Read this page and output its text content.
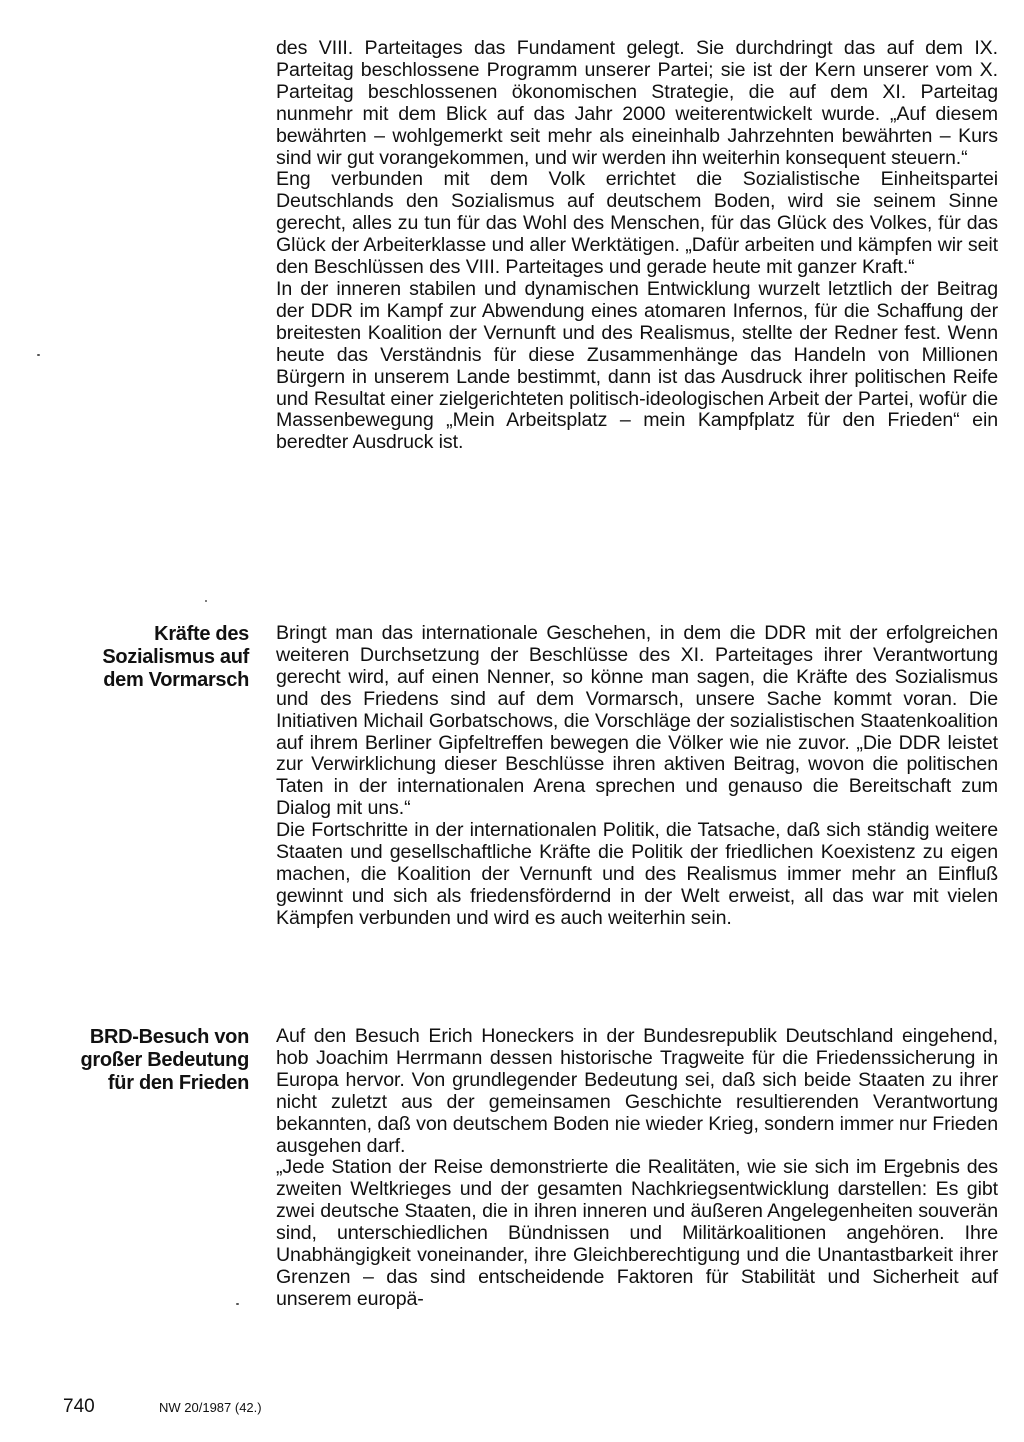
des VIII. Parteitages das Fundament gelegt. Sie durchdringt das auf dem IX. Parteitag beschlossene Programm unserer Partei; sie ist der Kern unserer vom X. Parteitag beschlossenen ökonomischen Strategie, die auf dem XI. Parteitag nunmehr mit dem Blick auf das Jahr 2000 weiterentwickelt wurde. „Auf diesem bewährten – wohlgemerkt seit mehr als eineinhalb Jahrzehnten bewährten – Kurs sind wir gut vorangekommen, und wir werden ihn weiterhin konsequent steuern.“

Eng verbunden mit dem Volk errichtet die Sozialistische Einheitspartei Deutschlands den Sozialismus auf deutschem Boden, wird sie seinem Sinne gerecht, alles zu tun für das Wohl des Menschen, für das Glück des Volkes, für das Glück der Arbeiterklasse und aller Werktätigen. „Dafür arbeiten und kämpfen wir seit den Beschlüssen des VIII. Parteitages und gerade heute mit ganzer Kraft.“

In der inneren stabilen und dynamischen Entwicklung wurzelt letztlich der Beitrag der DDR im Kampf zur Abwendung eines atomaren Infernos, für die Schaffung der breitesten Koalition der Vernunft und des Realismus, stellte der Redner fest. Wenn heute das Verständnis für diese Zusammenhänge das Handeln von Millionen Bürgern in unserem Lande bestimmt, dann ist das Ausdruck ihrer politischen Reife und Resultat einer zielgerichteten politisch-ideologischen Arbeit der Partei, wofür die Massenbewegung „Mein Arbeitsplatz – mein Kampfplatz für den Frieden“ ein beredter Ausdruck ist.

Kräfte des
Sozialismus auf
dem Vormarsch

Bringt man das internationale Geschehen, in dem die DDR mit der erfolgreichen weiteren Durchsetzung der Beschlüsse des XI. Parteitages ihrer Verantwortung gerecht wird, auf einen Nenner, so könne man sagen, die Kräfte des Sozialismus und des Friedens sind auf dem Vormarsch, unsere Sache kommt voran. Die Initiativen Michail Gorbatschows, die Vorschläge der sozialistischen Staatenkoalition auf ihrem Berliner Gipfeltreffen bewegen die Völker wie nie zuvor. „Die DDR leistet zur Verwirklichung dieser Beschlüsse ihren aktiven Beitrag, wovon die politischen Taten in der internationalen Arena sprechen und genauso die Bereitschaft zum Dialog mit uns.“

Die Fortschritte in der internationalen Politik, die Tatsache, daß sich ständig weitere Staaten und gesellschaftliche Kräfte die Politik der friedlichen Koexistenz zu eigen machen, die Koalition der Vernunft und des Realismus immer mehr an Einfluß gewinnt und sich als friedensfördernd in der Welt erweist, all das war mit vielen Kämpfen verbunden und wird es auch weiterhin sein.

BRD-Besuch von
großer Bedeutung
für den Frieden

Auf den Besuch Erich Honeckers in der Bundesrepublik Deutschland eingehend, hob Joachim Herrmann dessen historische Tragweite für die Friedenssicherung in Europa hervor. Von grundlegender Bedeutung sei, daß sich beide Staaten zu ihrer nicht zuletzt aus der gemeinsamen Geschichte resultierenden Verantwortung bekannten, daß von deutschem Boden nie wieder Krieg, sondern immer nur Frieden ausgehen darf.

„Jede Station der Reise demonstrierte die Realitäten, wie sie sich im Ergebnis des zweiten Weltkrieges und der gesamten Nachkriegsentwicklung darstellen: Es gibt zwei deutsche Staaten, die in ihren inneren und äußeren Angelegenheiten souverän sind, unterschiedlichen Bündnissen und Militärkoalitionen angehören. Ihre Unabhängigkeit voneinander, ihre Gleichberechtigung und die Unantastbarkeit ihrer Grenzen – das sind entscheidende Faktoren für Stabilität und Sicherheit auf unserem europä-

740	NW 20/1987 (42.)
